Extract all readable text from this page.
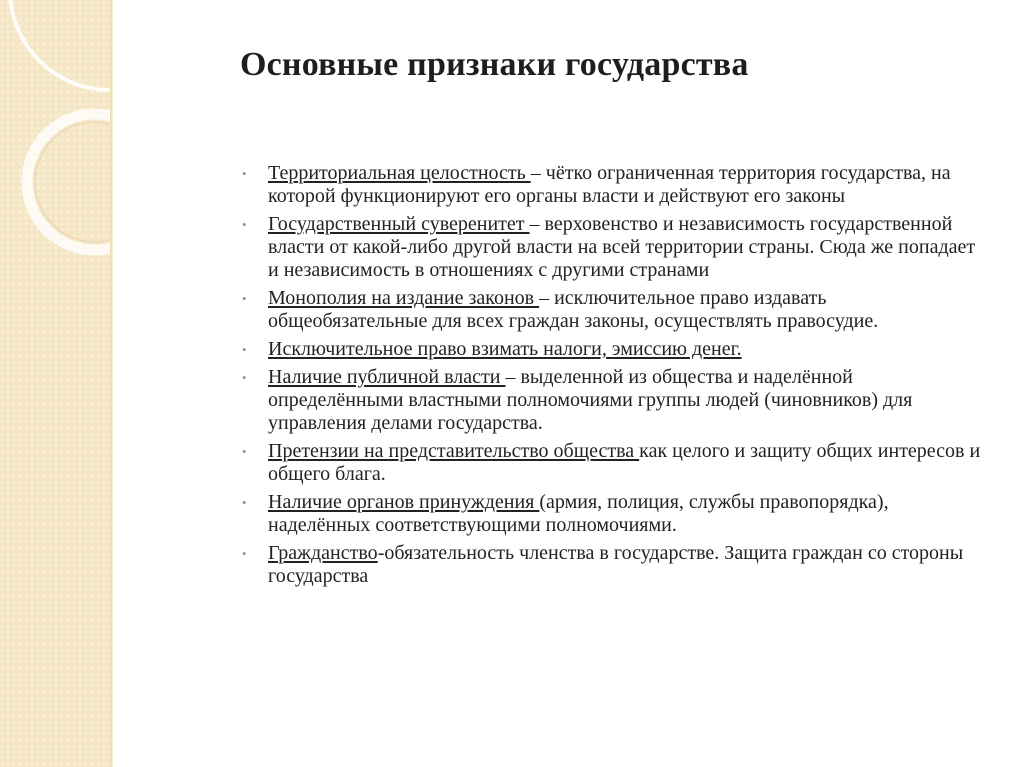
Основные признаки государства
• Территориальная целостность – чётко ограниченная территория государства, на которой функционируют его органы власти и действуют его законы
• Государственный суверенитет – верховенство и независимость государственной власти от какой-либо другой власти на всей территории страны. Сюда же попадает и независимость в отношениях с другими странами
• Монополия на издание законов – исключительное право издавать общеобязательные для всех граждан законы, осуществлять правосудие.
• Исключительное право взимать налоги, эмиссию денег.
• Наличие публичной власти – выделенной из общества и наделённой определёнными властными полномочиями группы людей (чиновников) для управления делами государства.
• Претензии на представительство общества как целого и защиту общих интересов и общего блага.
• Наличие органов принуждения (армия, полиция, службы правопорядка), наделённых соответствующими полномочиями.
• Гражданство-обязательность членства в государстве. Защита граждан со стороны государства
